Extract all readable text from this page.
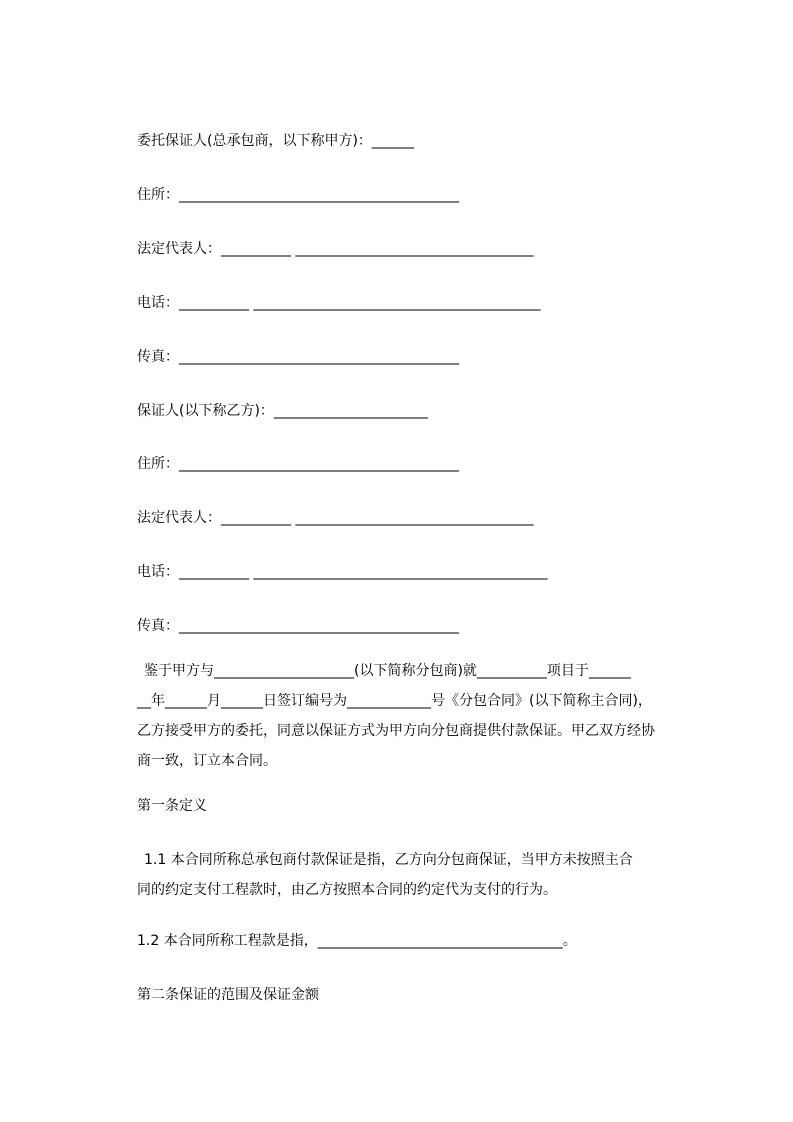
委托保证人(总承包商，以下称甲方)：______
住所：________________________________________
法定代表人：__________ __________________________________
电话：__________ _________________________________________
传真：________________________________________
保证人(以下称乙方)：______________________
住所：________________________________________
法定代表人：__________ __________________________________
电话：__________ __________________________________________
传真：________________________________________

鉴于甲方与____________________(以下简称分包商)就__________项目于______

__年______月______日签订编号为____________号《分包合同》(以下简称主合同)，

乙方接受甲方的委托，同意以保证方式为甲方向分包商提供付款保证。甲乙双方经协

商一致，订立本合同。

第一条定义

1.1 本合同所称总承包商付款保证是指，乙方向分包商保证，当甲方未按照主合

同的约定支付工程款时，由乙方按照本合同的约定代为支付的行为。

1.2 本合同所称工程款是指，___________________________________。
第二条保证的范围及保证金额
